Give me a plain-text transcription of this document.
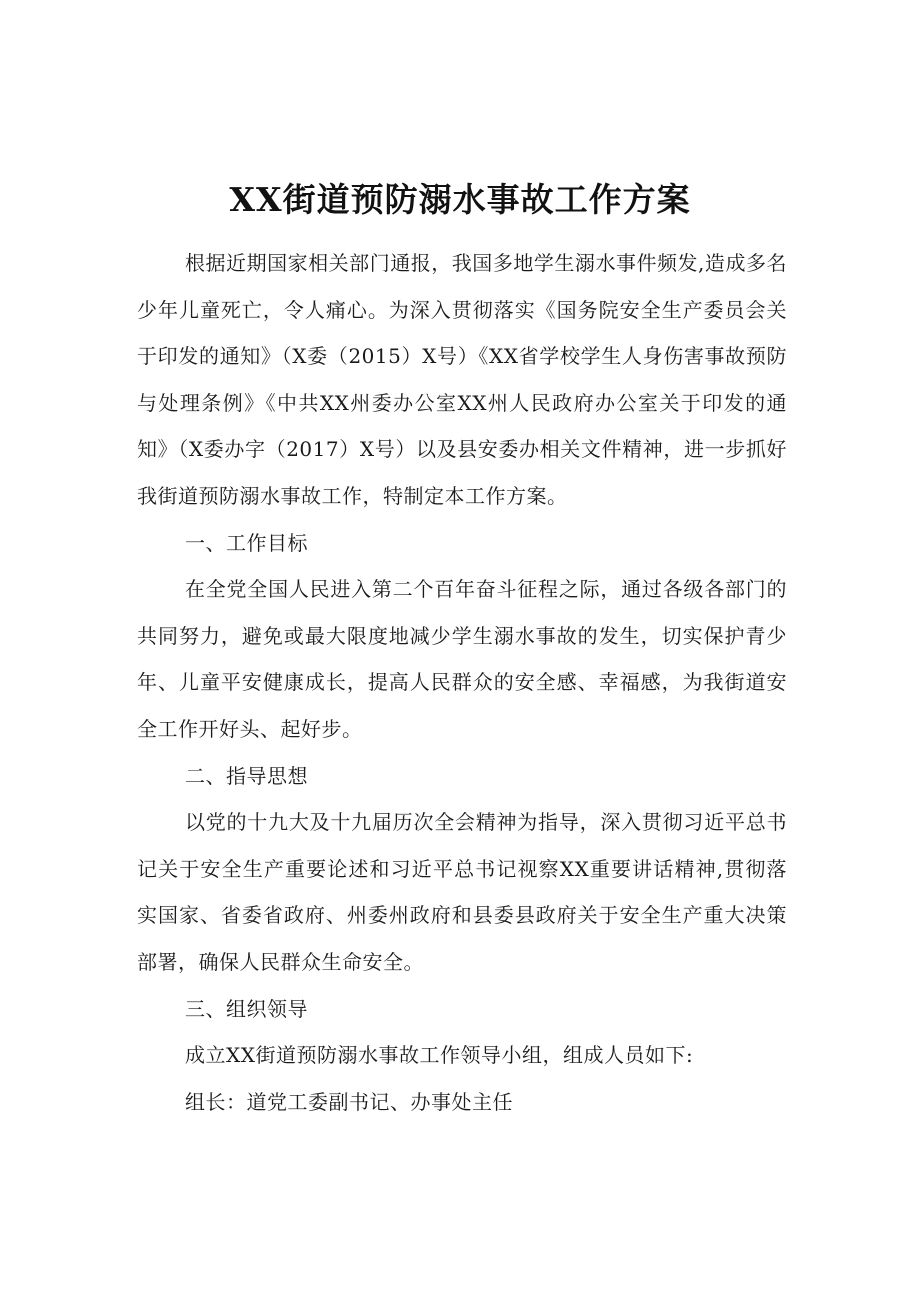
XX街道预防溺水事故工作方案

根据近期国家相关部门通报，我国多地学生溺水事件频发,造成多名少年儿童死亡，令人痛心。为深入贯彻落实《国务院安全生产委员会关于印发的通知》（X委（2015）X号）《XX省学校学生人身伤害事故预防与处理条例》《中共XX州委办公室XX州人民政府办公室关于印发的通知》（X委办字（2017）X号）以及县安委办相关文件精神，进一步抓好我街道预防溺水事故工作，特制定本工作方案。

一、工作目标

在全党全国人民进入第二个百年奋斗征程之际，通过各级各部门的共同努力，避免或最大限度地减少学生溺水事故的发生，切实保护青少年、儿童平安健康成长，提高人民群众的安全感、幸福感，为我街道安全工作开好头、起好步。

二、指导思想

以党的十九大及十九届历次全会精神为指导，深入贯彻习近平总书记关于安全生产重要论述和习近平总书记视察XX重要讲话精神,贯彻落实国家、省委省政府、州委州政府和县委县政府关于安全生产重大决策部署，确保人民群众生命安全。

三、组织领导

成立XX街道预防溺水事故工作领导小组，组成人员如下:

组长：道党工委副书记、办事处主任
